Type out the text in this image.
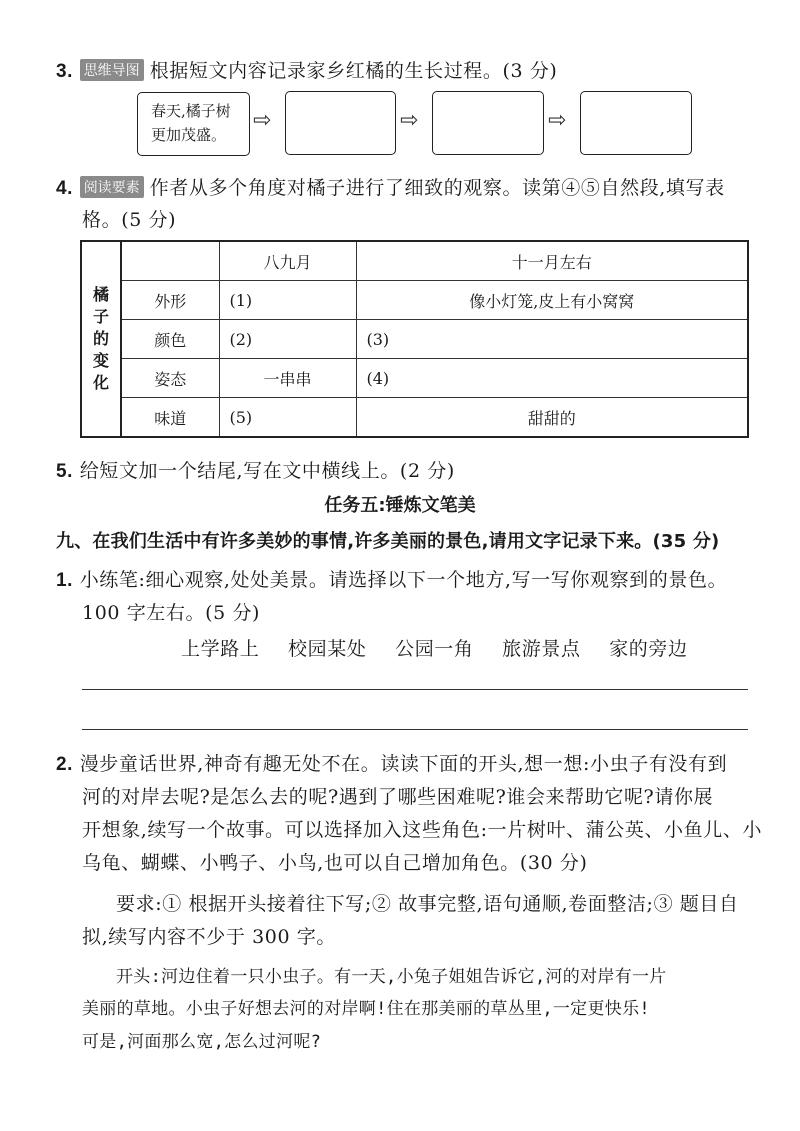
3. 思维导图 根据短文内容记录家乡红橘的生长过程。(3 分)
春天,橘子树
更加茂盛。
⇨	⇨	⇨
4. 阅读要素 作者从多个角度对橘子进行了细致的观察。读第④⑤自然段,填写表
格。(5 分)
橘
子
的
变
化		八九月	十一月左右
	外形	(1)	像小灯笼,皮上有小窝窝
	颜色	(2)	(3)
	姿态	一串串	(4)
	味道	(5)	甜甜的
5. 给短文加一个结尾,写在文中横线上。(2 分)
任务五:锤炼文笔美
九、在我们生活中有许多美妙的事情,许多美丽的景色,请用文字记录下来。(35 分)
1. 小练笔:细心观察,处处美景。请选择以下一个地方,写一写你观察到的景色。
100 字左右。(5 分)
上学路上 校园某处 公园一角 旅游景点 家的旁边
2. 漫步童话世界,神奇有趣无处不在。读读下面的开头,想一想:小虫子有没有到
河的对岸去呢?是怎么去的呢?遇到了哪些困难呢?谁会来帮助它呢?请你展
开想象,续写一个故事。可以选择加入这些角色:一片树叶、蒲公英、小鱼儿、小
乌龟、蝴蝶、小鸭子、小鸟,也可以自己增加角色。(30 分)
要求:① 根据开头接着往下写;② 故事完整,语句通顺,卷面整洁;③ 题目自
拟,续写内容不少于 300 字。
开头:河边住着一只小虫子。有一天,小兔子姐姐告诉它,河的对岸有一片
美丽的草地。小虫子好想去河的对岸啊!住在那美丽的草丛里,一定更快乐!
可是,河面那么宽,怎么过河呢?
